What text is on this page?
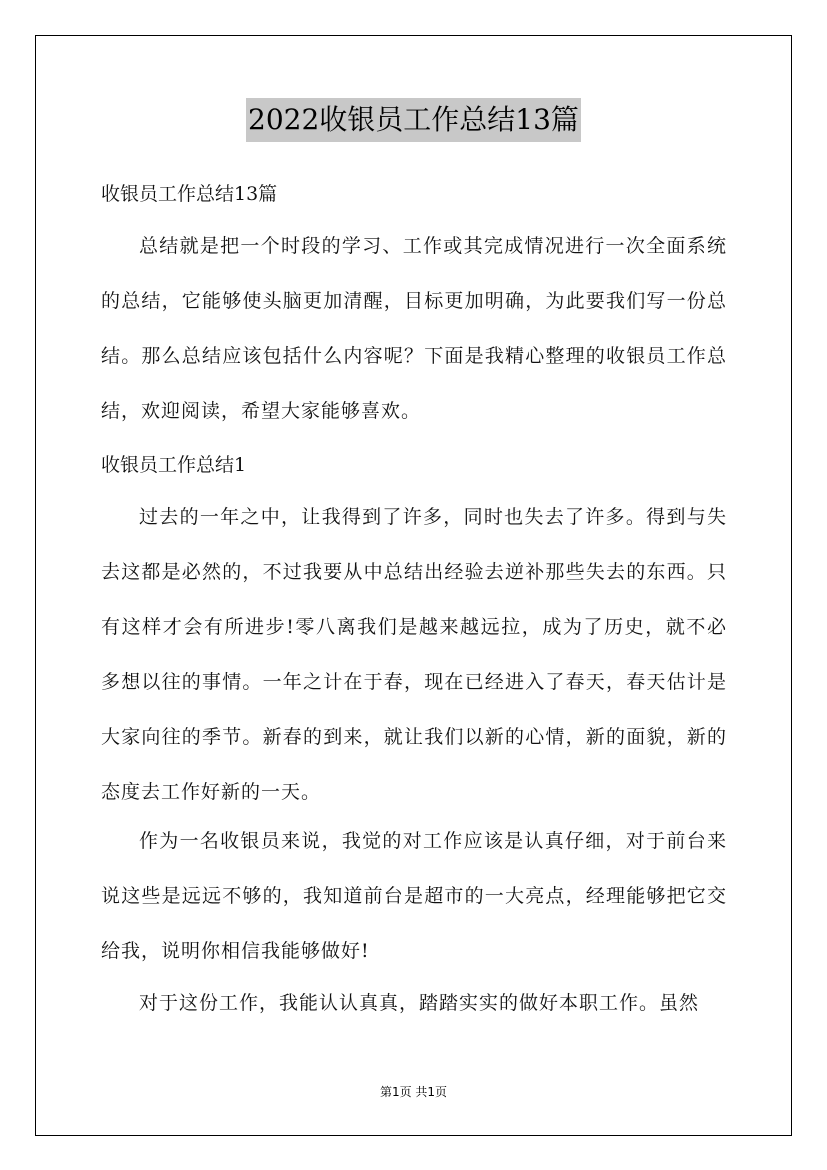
2022收银员工作总结13篇
收银员工作总结13篇
总结就是把一个时段的学习、工作或其完成情况进行一次全面系统的总结，它能够使头脑更加清醒，目标更加明确，为此要我们写一份总结。那么总结应该包括什么内容呢？下面是我精心整理的收银员工作总结，欢迎阅读，希望大家能够喜欢。
收银员工作总结1
过去的一年之中，让我得到了许多，同时也失去了许多。得到与失去这都是必然的，不过我要从中总结出经验去逆补那些失去的东西。只有这样才会有所进步!零八离我们是越来越远拉，成为了历史，就不必多想以往的事情。一年之计在于春，现在已经进入了春天，春天估计是大家向往的季节。新春的到来，就让我们以新的心情，新的面貌，新的态度去工作好新的一天。
作为一名收银员来说，我觉的对工作应该是认真仔细，对于前台来说这些是远远不够的，我知道前台是超市的一大亮点，经理能够把它交给我，说明你相信我能够做好!
对于这份工作，我能认认真真，踏踏实实的做好本职工作。虽然
第1页 共1页
